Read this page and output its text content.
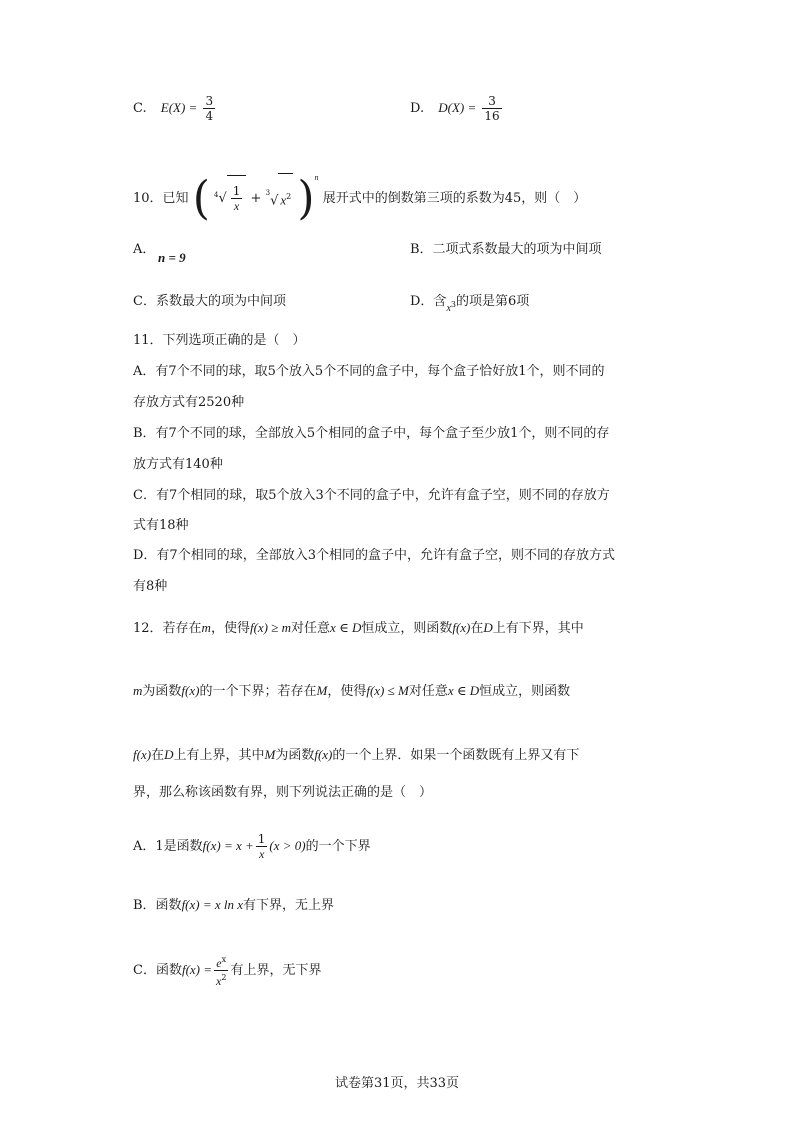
C. $E(X) = \frac{3}{4}$	D. $D(X) = \frac{3}{16}$
10．已知 ( $^4√ \frac{1}{x} + ^3√$ $x^2$ )$^n$ 展开式中的倒数第三项的系数为45，则（　）
A．
n = 9
B．二项式系数最大的项为中间项
C．系数最大的项为中间项	D．含$_{x3}$的项是第6项
11．下列选项正确的是（　）
A．有7个不同的球，取5个放入5个不同的盒子中，每个盒子恰好放1个，则不同的
存放方式有2520种
B．有7个不同的球，全部放入5个相同的盒子中，每个盒子至少放1个，则不同的存
放方式有140种
C．有7个相同的球，取5个放入3个不同的盒子中，允许有盒子空，则不同的存放方
式有18种
D．有7个相同的球，全部放入3个相同的盒子中，允许有盒子空，则不同的存放方式
有8种
12．若存在m，使得f(x) ≥ m对任意x ∈ D恒成立，则函数f(x)在D上有下界，其中
m为函数f(x)的一个下界；若存在M，使得f(x) ≤ M对任意x ∈ D恒成立，则函数
f(x)在D上有上界，其中M为函数f(x)的一个上界．如果一个函数既有上界又有下
界，那么称该函数有界，则下列说法正确的是（　）
A．1是函数$f(x) = x + \frac{1}{x} (x > 0)$的一个下界
B．函数f(x) = x ln x有下界，无上界
C．函数$f(x) = \frac{e^x}{x^2}$ 有上界，无下界
试卷第31页，共33页
